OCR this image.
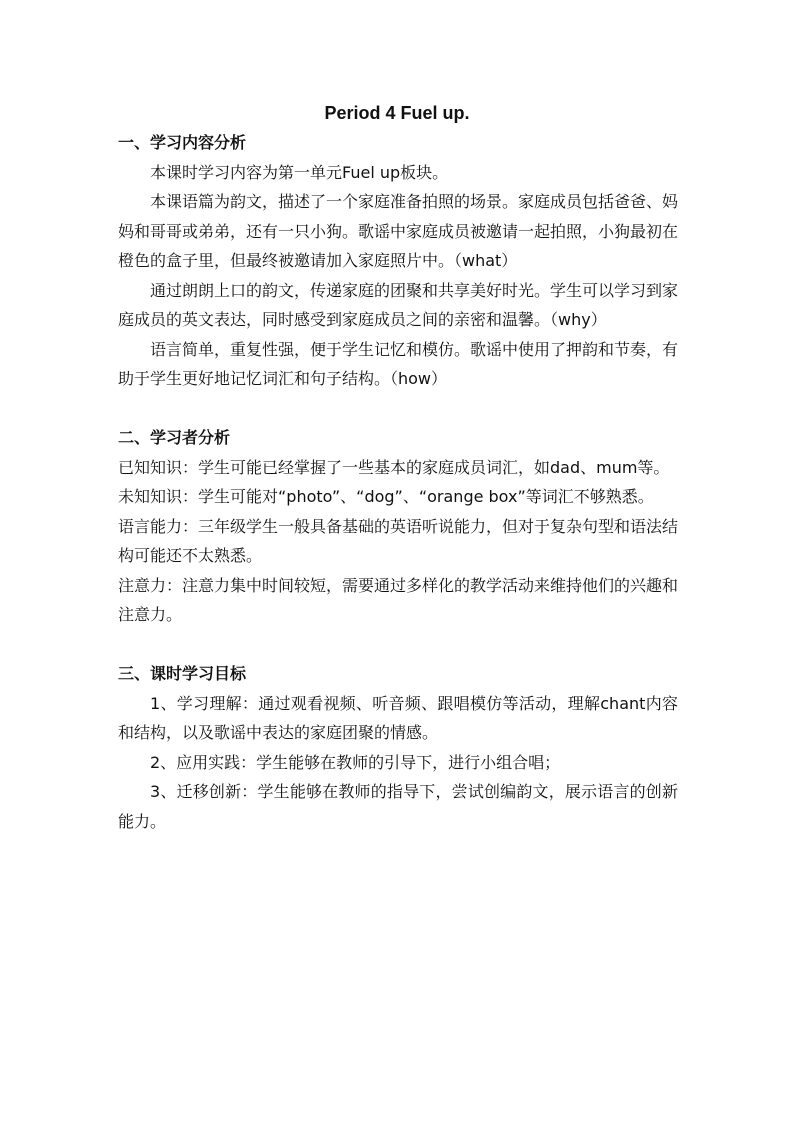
Period 4 Fuel up.

一、学习内容分析

本课时学习内容为第一单元Fuel up板块。

本课语篇为韵文，描述了一个家庭准备拍照的场景。家庭成员包括爸爸、妈妈和哥哥或弟弟，还有一只小狗。歌谣中家庭成员被邀请一起拍照，小狗最初在橙色的盒子里，但最终被邀请加入家庭照片中。（what）

通过朗朗上口的韵文，传递家庭的团聚和共享美好时光。学生可以学习到家庭成员的英文表达，同时感受到家庭成员之间的亲密和温馨。（why）

语言简单，重复性强，便于学生记忆和模仿。歌谣中使用了押韵和节奏，有助于学生更好地记忆词汇和句子结构。（how）

二、学习者分析

已知知识：学生可能已经掌握了一些基本的家庭成员词汇，如dad、mum等。

未知知识：学生可能对“photo”、“dog”、“orange box”等词汇不够熟悉。

语言能力：三年级学生一般具备基础的英语听说能力，但对于复杂句型和语法结构可能还不太熟悉。

注意力：注意力集中时间较短，需要通过多样化的教学活动来维持他们的兴趣和注意力。

三、课时学习目标

1、学习理解：通过观看视频、听音频、跟唱模仿等活动，理解chant内容和结构，以及歌谣中表达的家庭团聚的情感。

2、应用实践：学生能够在教师的引导下，进行小组合唱；

3、迁移创新：学生能够在教师的指导下，尝试创编韵文，展示语言的创新能力。
